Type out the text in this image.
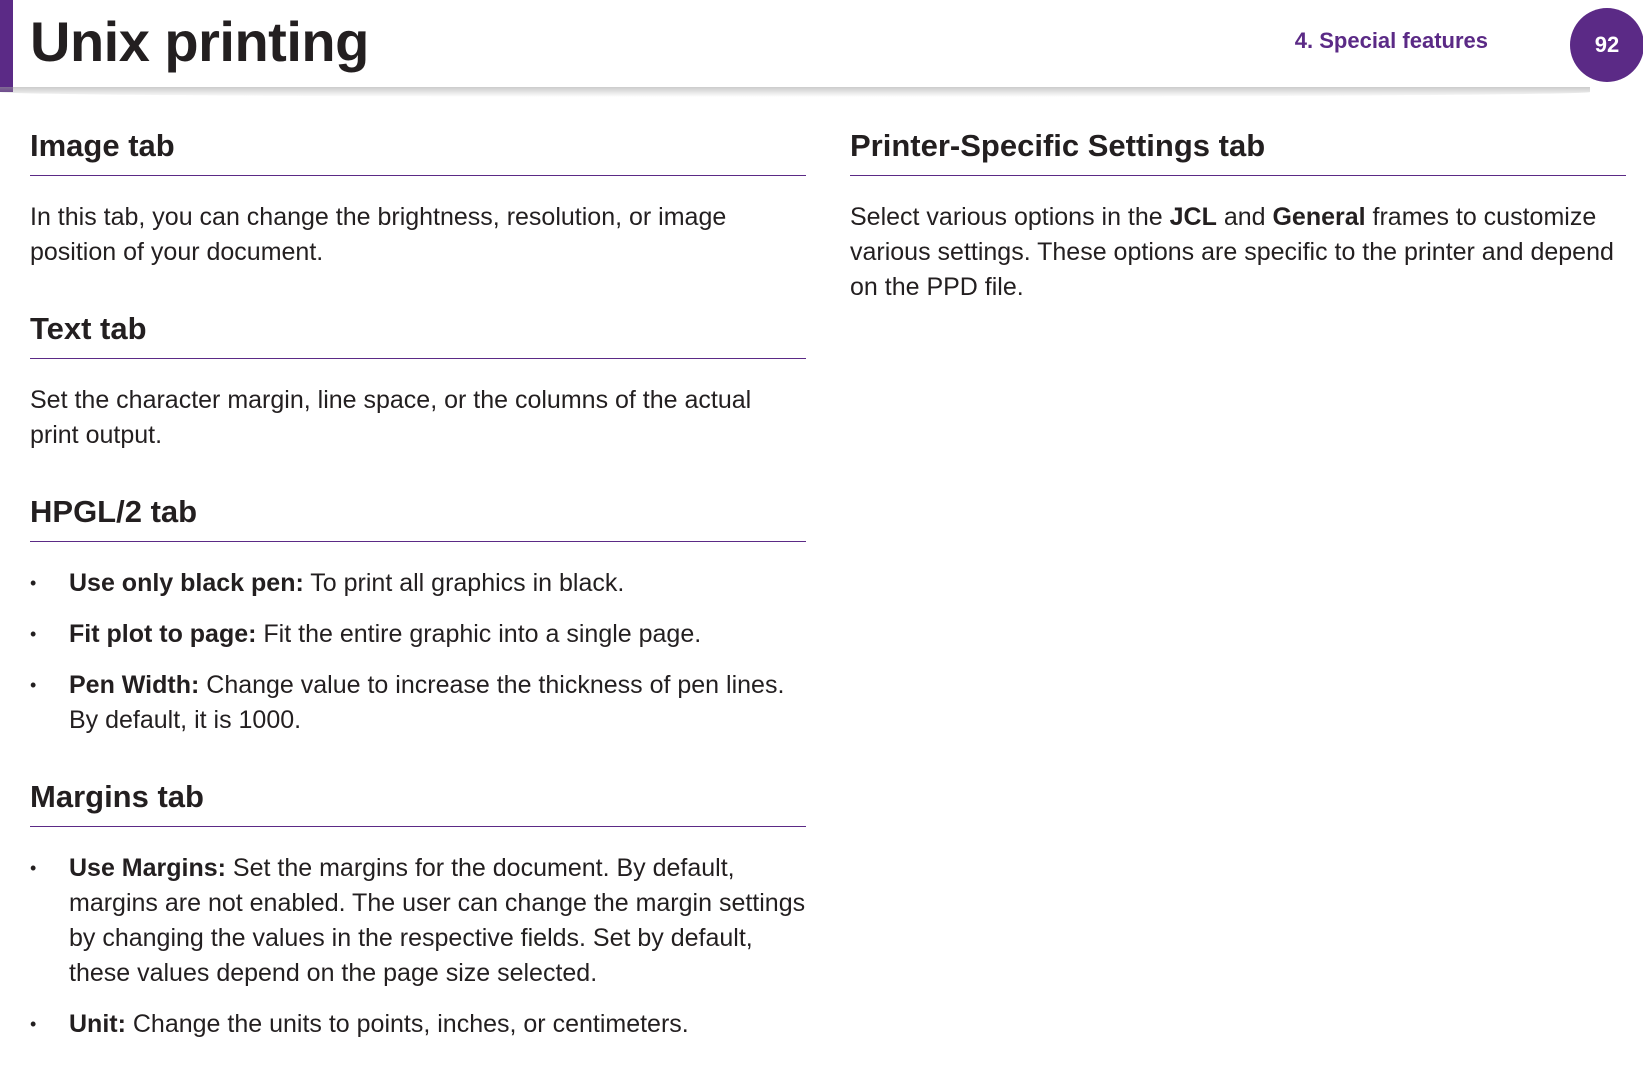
Unix printing	4. Special features	92
Image tab

In this tab, you can change the brightness, resolution, or image position of your document.

Text tab

Set the character margin, line space, or the columns of the actual print output.

HPGL/2 tab
• Use only black pen: To print all graphics in black.
• Fit plot to page: Fit the entire graphic into a single page.
• Pen Width: Change value to increase the thickness of pen lines. By default, it is 1000.
Margins tab
• Use Margins: Set the margins for the document. By default, margins are not enabled. The user can change the margin settings by changing the values in the respective fields. Set by default, these values depend on the page size selected.
• Unit: Change the units to points, inches, or centimeters.
Printer-Specific Settings tab

Select various options in the JCL and General frames to customize various settings. These options are specific to the printer and depend on the PPD file.
